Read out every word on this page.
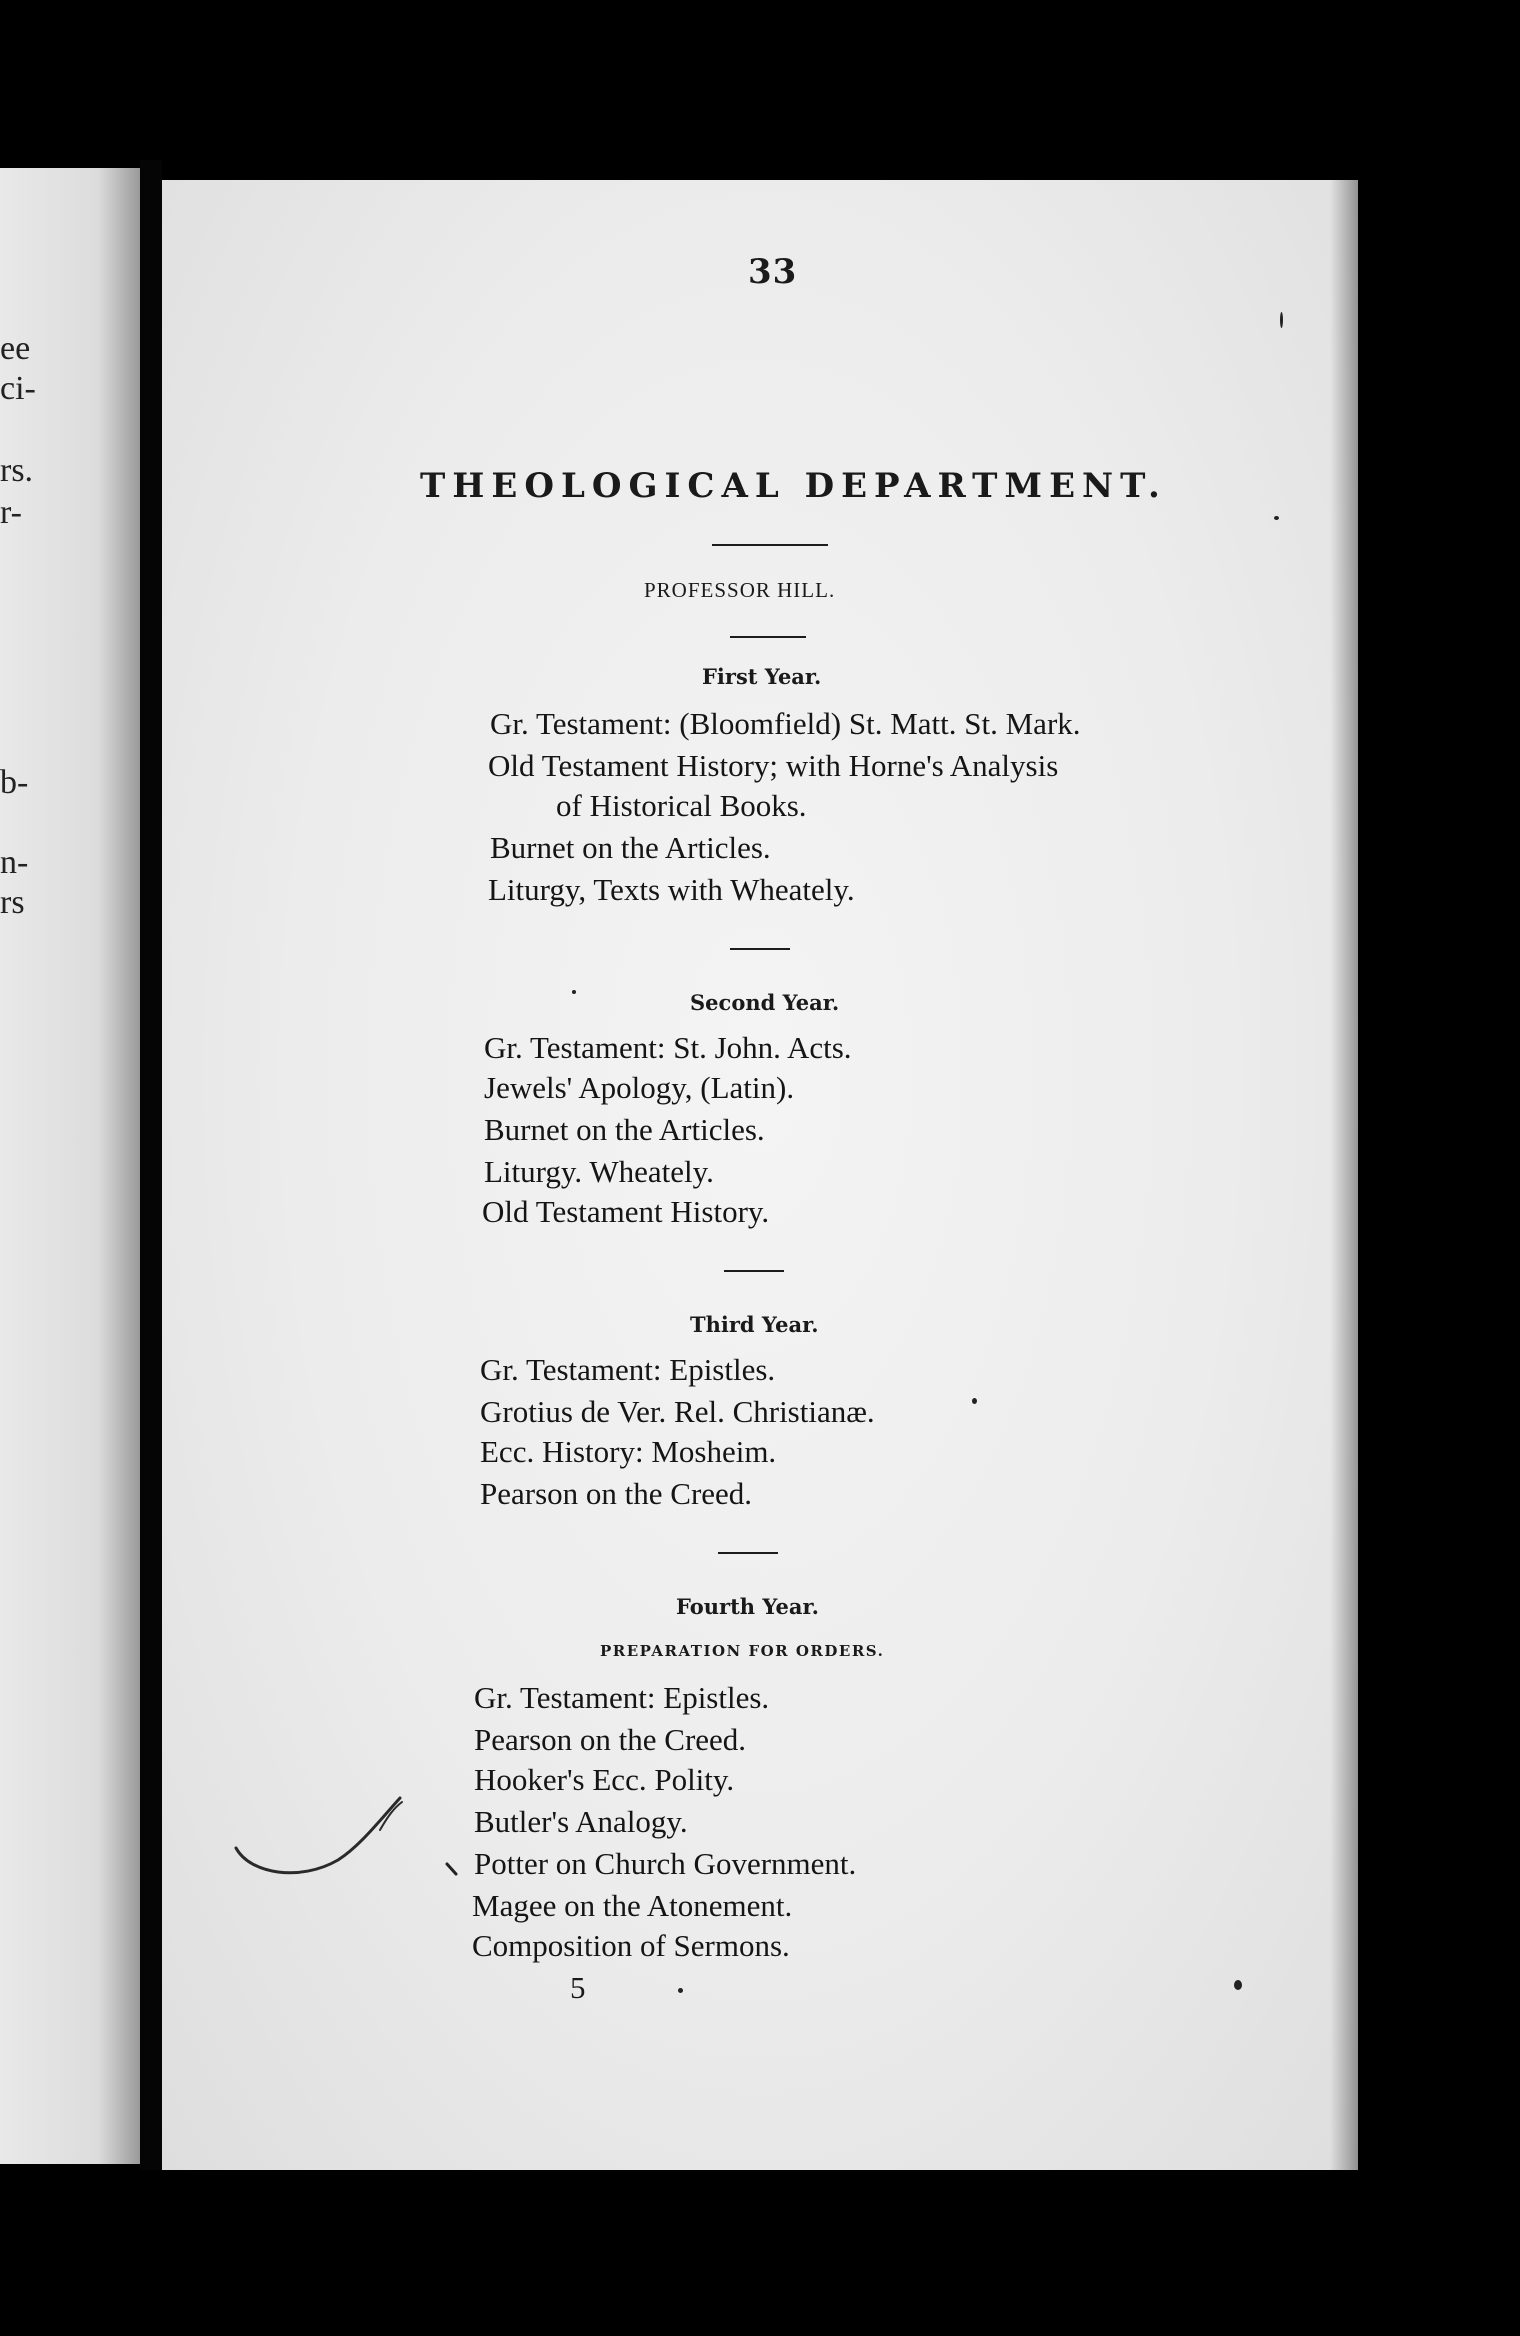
ee
ci-
rs.
r-
b-
n-
rs
33
THEOLOGICAL DEPARTMENT.
PROFESSOR HILL.
First Year.
Gr. Testament: (Bloomfield) St. Matt. St. Mark.
Old Testament History; with Horne's Analysis
of Historical Books.
Burnet on the Articles.
Liturgy, Texts with Wheately.
Second Year.
Gr. Testament: St. John. Acts.
Jewels' Apology, (Latin).
Burnet on the Articles.
Liturgy. Wheately.
Old Testament History.
Third Year.
Gr. Testament: Epistles.
Grotius de Ver. Rel. Christianæ.
Ecc. History: Mosheim.
Pearson on the Creed.
Fourth Year.
PREPARATION FOR ORDERS.
Gr. Testament: Epistles.
Pearson on the Creed.
Hooker's Ecc. Polity.
Butler's Analogy.
Potter on Church Government.
Magee on the Atonement.
Composition of Sermons.
5
